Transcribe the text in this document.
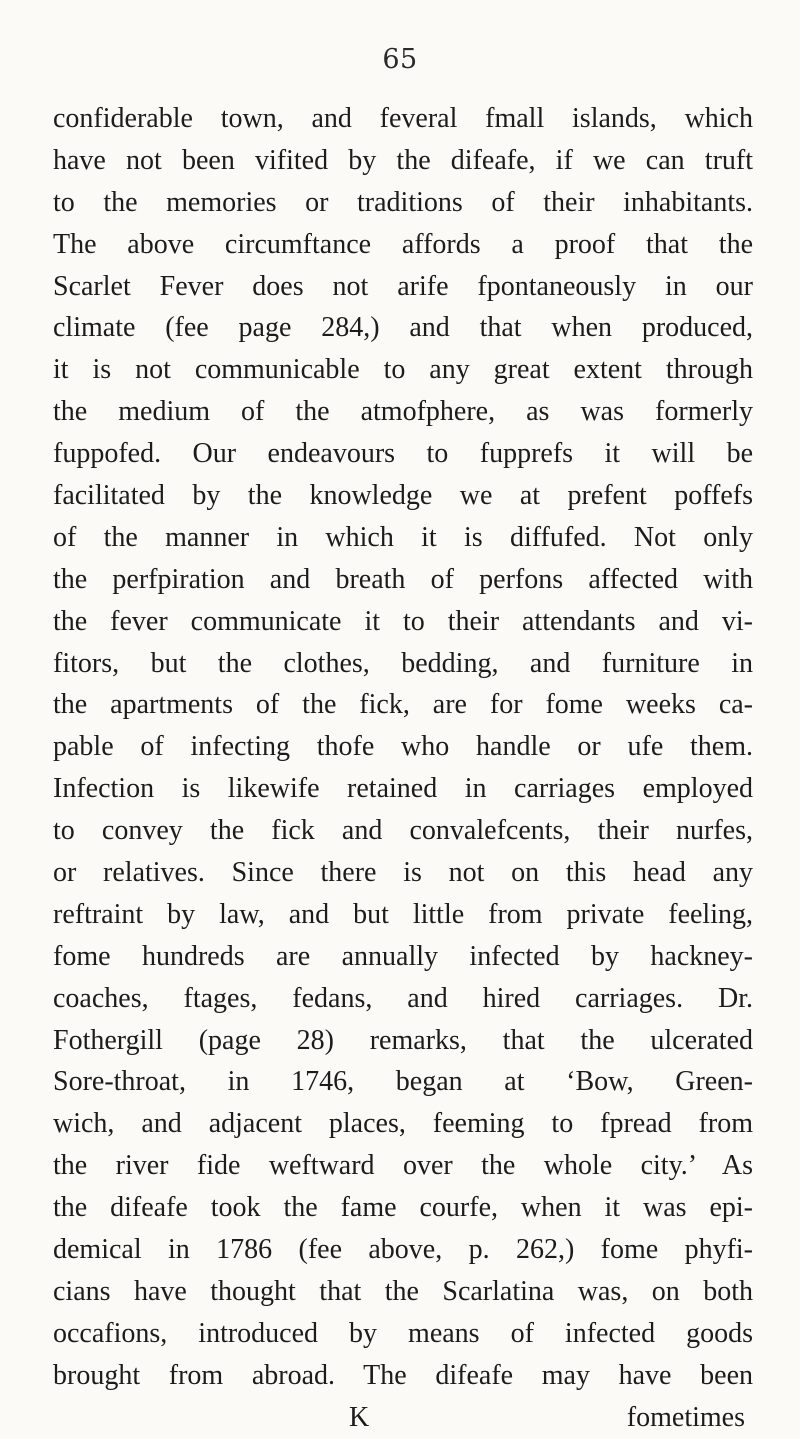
65
confiderable town, and feveral fmall islands, which
have not been vifited by the difeafe, if we can truft
to the memories or traditions of their inhabitants.
The above circumftance affords a proof that the
Scarlet Fever does not arife fpontaneously in our
climate (fee page 284,) and that when produced,
it is not communicable to any great extent through
the medium of the atmofphere, as was formerly
fuppofed. Our endeavours to fupprefs it will be
facilitated by the knowledge we at prefent poffefs
of the manner in which it is diffufed. Not only
the perfpiration and breath of perfons affected with
the fever communicate it to their attendants and vi-
fitors, but the clothes, bedding, and furniture in
the apartments of the fick, are for fome weeks ca-
pable of infecting thofe who handle or ufe them.
Infection is likewife retained in carriages employed
to convey the fick and convalefcents, their nurfes,
or relatives. Since there is not on this head any
reftraint by law, and but little from private feeling,
fome hundreds are annually infected by hackney-
coaches, ftages, fedans, and hired carriages. Dr.
Fothergill (page 28) remarks, that the ulcerated
Sore-throat, in 1746, began at ‘Bow, Green-
wich, and adjacent places, feeming to fpread from
the river fide weftward over the whole city.’ As
the difeafe took the fame courfe, when it was epi-
demical in 1786 (fee above, p. 262,) fome phyfi-
cians have thought that the Scarlatina was, on both
occafions, introduced by means of infected goods
brought from abroad. The difeafe may have been
K	fometimes
